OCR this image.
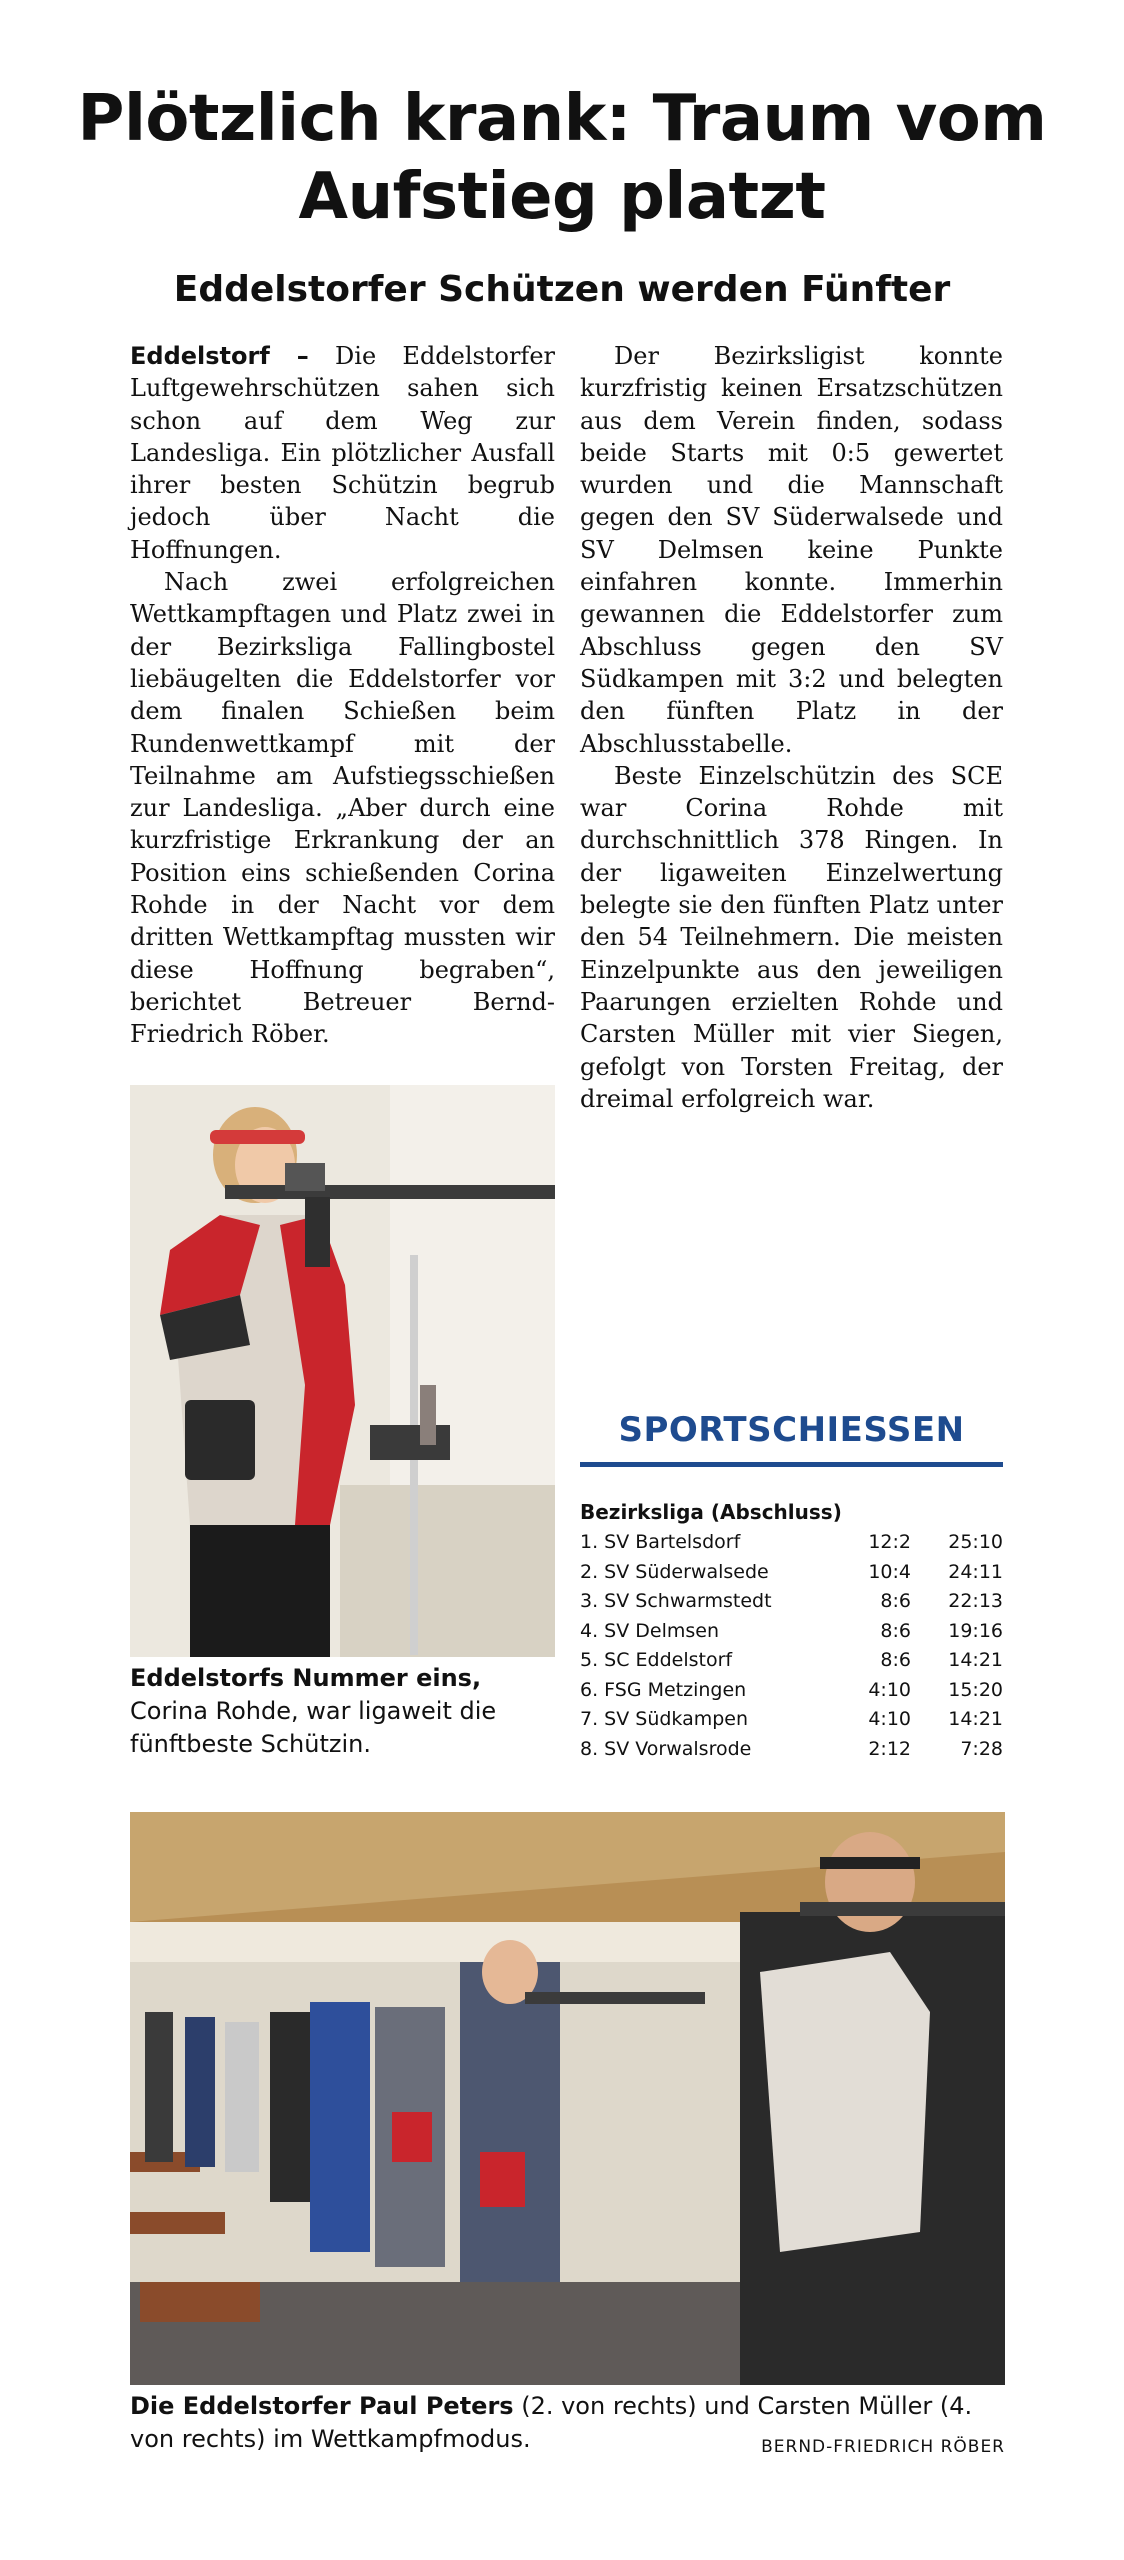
Plötzlich krank: Traum vom Aufstieg platzt
Eddelstorfer Schützen werden Fünfter

Eddelstorf – Die Eddelstorfer Luftgewehrschützen sahen sich schon auf dem Weg zur Landesliga. Ein plötzlicher Ausfall ihrer besten Schützin begrub jedoch über Nacht die Hoffnungen.

Nach zwei erfolgreichen Wettkampftagen und Platz zwei in der Bezirksliga Fallingbostel liebäugelten die Eddelstorfer vor dem finalen Schießen beim Rundenwettkampf mit der Teilnahme am Aufstiegsschießen zur Landesliga. „Aber durch eine kurzfristige Erkrankung der an Position eins schießenden Corina Rohde in der Nacht vor dem dritten Wettkampftag mussten wir diese Hoffnung begraben“, berichtet Betreuer Bernd-Friedrich Röber.

Der Bezirksligist konnte kurzfristig keinen Ersatzschützen aus dem Verein finden, sodass beide Starts mit 0:5 gewertet wurden und die Mannschaft gegen den SV Süderwalsede und SV Delmsen keine Punkte einfahren konnte. Immerhin gewannen die Eddelstorfer zum Abschluss gegen den SV Südkampen mit 3:2 und belegten den fünften Platz in der Abschlusstabelle.

Beste Einzelschützin des SCE war Corina Rohde mit durchschnittlich 378 Ringen. In der ligaweiten Einzelwertung belegte sie den fünften Platz unter den 54 Teilnehmern. Die meisten Einzelpunkte aus den jeweiligen Paarungen erzielten Rohde und Carsten Müller mit vier Siegen, gefolgt von Torsten Freitag, der dreimal erfolgreich war.

Eddelstorfs Nummer eins, Corina Rohde, war ligaweit die fünftbeste Schützin.
SPORTSCHIESSEN
Bezirksliga (Abschluss)
1. SV Bartelsdorf	12:2 25:10
2. SV Süderwalsede	10:4 24:11
3. SV Schwarmstedt	8:6 22:13
4. SV Delmsen	8:6 19:16
5. SC Eddelstorf	8:6 14:21
6. FSG Metzingen	4:10 15:20
7. SV Südkampen	4:10 14:21
8. SV Vorwalsrode	2:12	7:28
Die Eddelstorfer Paul Peters (2. von rechts) und Carsten Müller (4. von rechts) im Wettkampfmodus.	BERND-FRIEDRICH RÖBER
